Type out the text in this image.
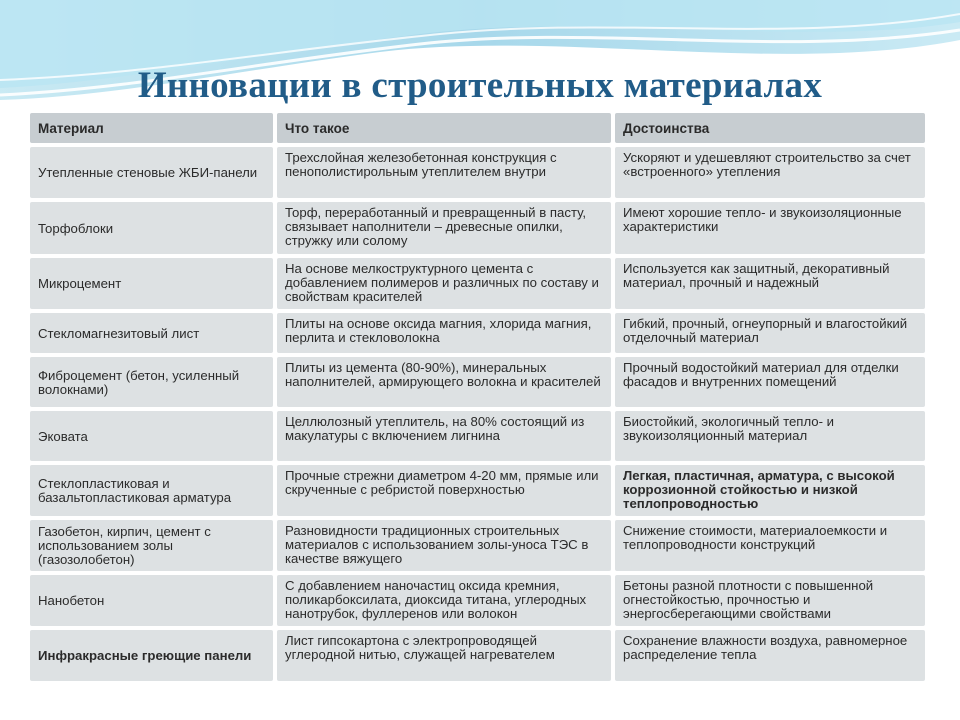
Инновации в строительных материалах
Материал	Что такое	Достоинства
Утепленные стеновые ЖБИ-панели
Трехслойная железобетонная конструкция с пенополистирольным утеплителем внутри
Ускоряют и удешевляют строительство за счет «встроенного» утепления
Торфоблоки
Торф, переработанный и превращенный в пасту, связывает наполнители – древесные опилки, стружку или солому
Имеют хорошие тепло- и звукоизоляционные характеристики
Микроцемент
На основе мелкоструктурного цемента с добавлением полимеров и различных по составу и свойствам красителей
Используется как защитный, декоративный материал, прочный и надежный
Стекломагнезитовый лист
Плиты на основе оксида магния, хлорида магния, перлита и стекловолокна
Гибкий, прочный, огнеупорный и влагостойкий отделочный материал
Фиброцемент (бетон, усиленный волокнами)
Плиты из цемента (80-90%), минеральных наполнителей, армирующего волокна и красителей
Прочный водостойкий материал для отделки фасадов и внутренних помещений
Эковата
Целлюлозный утеплитель, на 80% состоящий из макулатуры с включением лигнина
Биостойкий, экологичный тепло- и звукоизоляционный материал
Стеклопластиковая и базальтопластиковая арматура
Прочные стрежни диаметром 4-20 мм, прямые или скрученные с ребристой поверхностью
Легкая, пластичная, арматура, с высокой коррозионной стойкостью и низкой теплопроводностью
Газобетон, кирпич, цемент с использованием золы (газозолобетон)
Разновидности традиционных строительных материалов с использованием золы-уноса ТЭС в качестве вяжущего
Снижение стоимости, материалоемкости и теплопроводности конструкций
Нанобетон
С добавлением наночастиц оксида кремния, поликарбоксилата, диоксида титана, углеродных нанотрубок, фуллеренов или волокон
Бетоны разной плотности с повышенной огнестойкостью, прочностью и энергосберегающими свойствами
Инфракрасные греющие панели
Лист гипсокартона с электропроводящей углеродной нитью, служащей нагревателем
Сохранение влажности воздуха, равномерное распределение тепла
